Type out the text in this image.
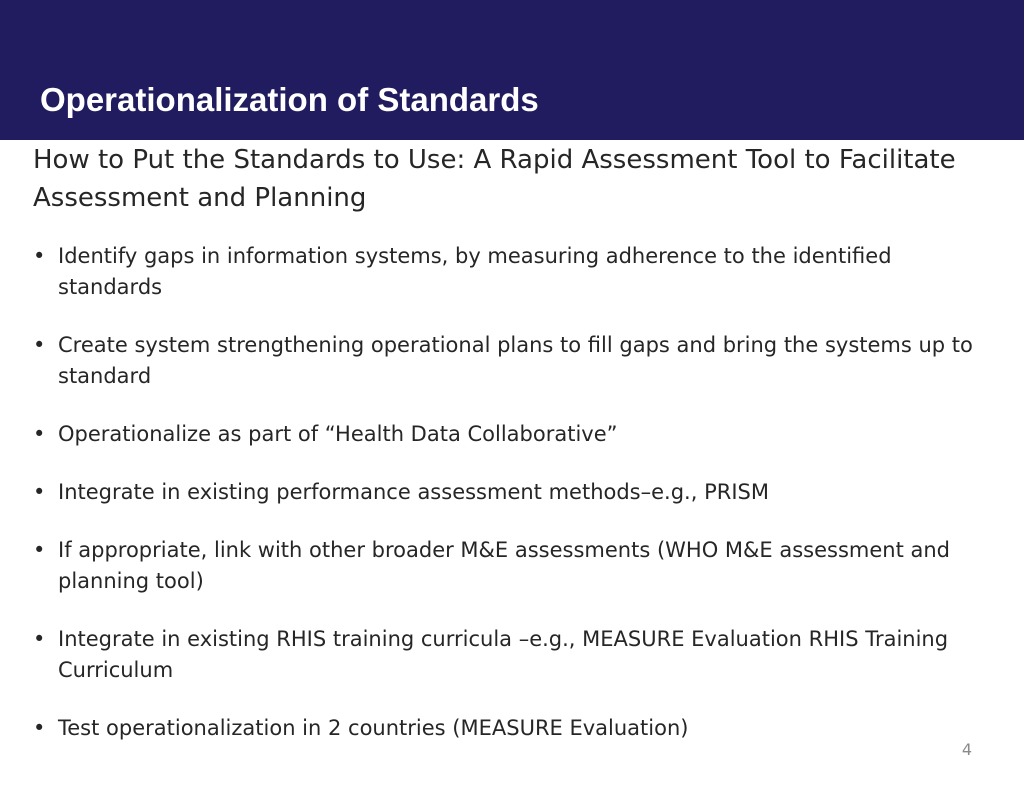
Operationalization of Standards
How to Put the Standards to Use: A Rapid Assessment Tool to Facilitate Assessment and Planning
• Identify gaps in information systems, by measuring adherence to the identified standards
• Create system strengthening operational plans to fill gaps and bring the systems up to standard
• Operationalize as part of “Health Data Collaborative”
• Integrate in existing performance assessment methods–e.g., PRISM
• If appropriate, link with other broader M&E assessments (WHO M&E assessment and planning tool)
• Integrate in existing RHIS training curricula –e.g., MEASURE Evaluation RHIS Training Curriculum
• Test operationalization in 2 countries (MEASURE Evaluation)
4
